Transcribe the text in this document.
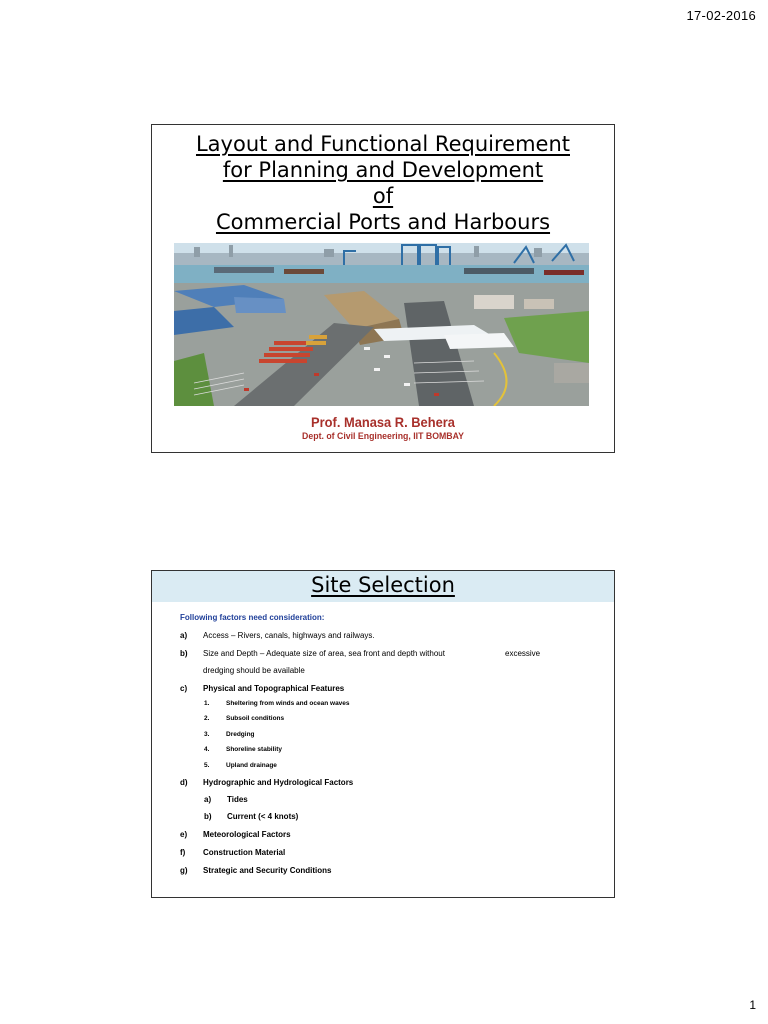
17-02-2016
Layout and Functional Requirement
for Planning and Development
of
Commercial Ports and Harbours
Prof. Manasa R. Behera
Dept. of Civil Engineering, IIT BOMBAY
Site Selection
Following factors need consideration:
a) Access – Rivers, canals, highways and railways.
b) Size and Depth – Adequate size of area, sea front and depth without	excessive
dredging should be available
c) Physical and Topographical Features
1.	Sheltering from winds and ocean waves
2.	Subsoil conditions
3.	Dredging
4.	Shoreline stability
5.	Upland drainage
d) Hydrographic and Hydrological Factors
a) Tides
b) Current (< 4 knots)
e) Meteorological Factors
f) Construction Material
g) Strategic and Security Conditions
1
